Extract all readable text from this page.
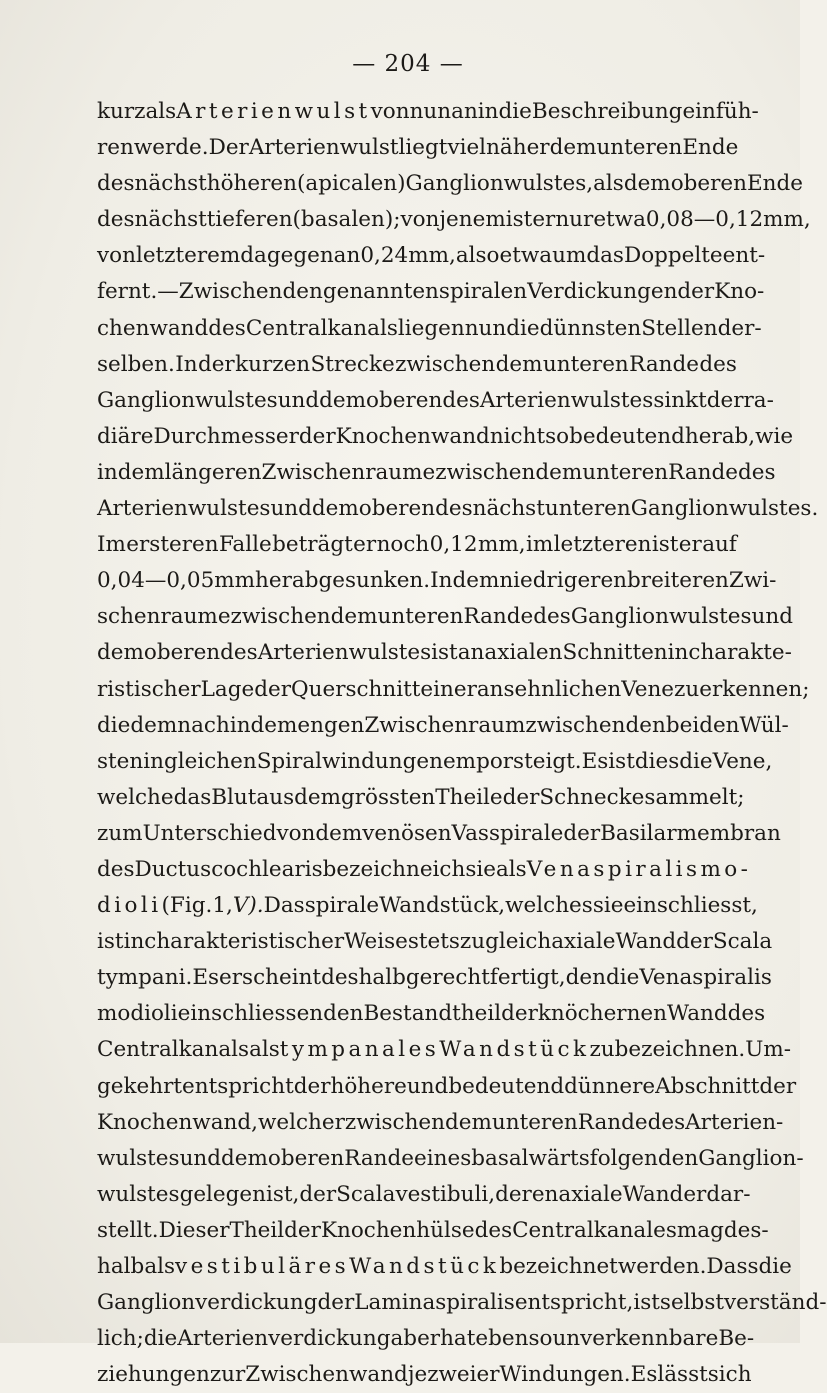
— 204 —
kurz als Arterienwulst von nun an in die Beschreibung einfüh-
ren werde. Der Arterienwulst liegt viel näher dem unteren Ende
des nächst höheren (apicalen) Ganglionwulstes, als dem oberen Ende
des nächst tieferen (basalen); von jenem ist er nur etwa 0,08—0,12 mm,
von letzterem dagegen an 0,24 mm, also etwa um das Doppelte ent-
fernt. — Zwischen den genannten spiralen Verdickungen der Kno-
chenwand des Centralkanals liegen nun die dünnsten Stellen der-
selben. In der kurzen Strecke zwischen dem unteren Rande des
Ganglionwulstes und dem oberen des Arterienwulstes sinkt der ra-
diäre Durchmesser der Knochenwand nicht so bedeutend herab, wie
in dem längeren Zwischenraume zwischen dem unteren Rande des
Arterienwulstes und dem oberen des nächst unteren Ganglionwulstes.
Im ersteren Falle beträgt er noch 0,12 mm, im letzteren ist er auf
0,04—0,05 mm herabgesunken. In dem niedrigeren breiteren Zwi-
schenraume zwischen dem unteren Rande des Ganglionwulstes und
dem oberen des Arterienwulstes ist an axialen Schnitten in charakte-
ristischer Lage der Querschnitt einer ansehnlichen Vene zu erkennen;
die demnach in dem engen Zwischenraum zwischen den beiden Wül-
sten in gleichen Spiralwindungen emporsteigt. Es ist dies die Vene,
welche das Blut aus dem grössten Theile der Schnecke sammelt;
zum Unterschied von dem venösen Vas spirale der Basilarmembran
des Ductus cochlearis bezeichne ich sie als Vena spiralis mo-
dioli (Fig. 1, V). Das spirale Wandstück, welches sie einschliesst,
ist in charakteristischer Weise stets zugleich axiale Wand der Scala
tympani. Es erscheint deshalb gerechtfertigt, den die Vena spiralis
modioli einschliessenden Bestandtheil der knöchernen Wand des
Centralkanals als tympanales Wandstück zu bezeichnen. Um-
gekehrt entspricht der höhere und bedeutend dünnere Abschnitt der
Knochenwand, welcher zwischen dem unteren Rande des Arterien-
wulstes und dem oberen Rande eines basalwärts folgenden Ganglion-
wulstes gelegen ist, der Scala vestibuli, deren axiale Wand er dar-
stellt. Dieser Theil der Knochenhülse des Centralkanales mag des-
halb als vestibuläres Wandstück bezeichnet werden. Dass die
Ganglionverdickung der Lamina spiralis entspricht, ist selbstverständ-
lich; die Arterienverdickung aber hat ebenso unverkennbare Be-
ziehungen zur Zwischenwand je zweier Windungen. Es lässt sich
